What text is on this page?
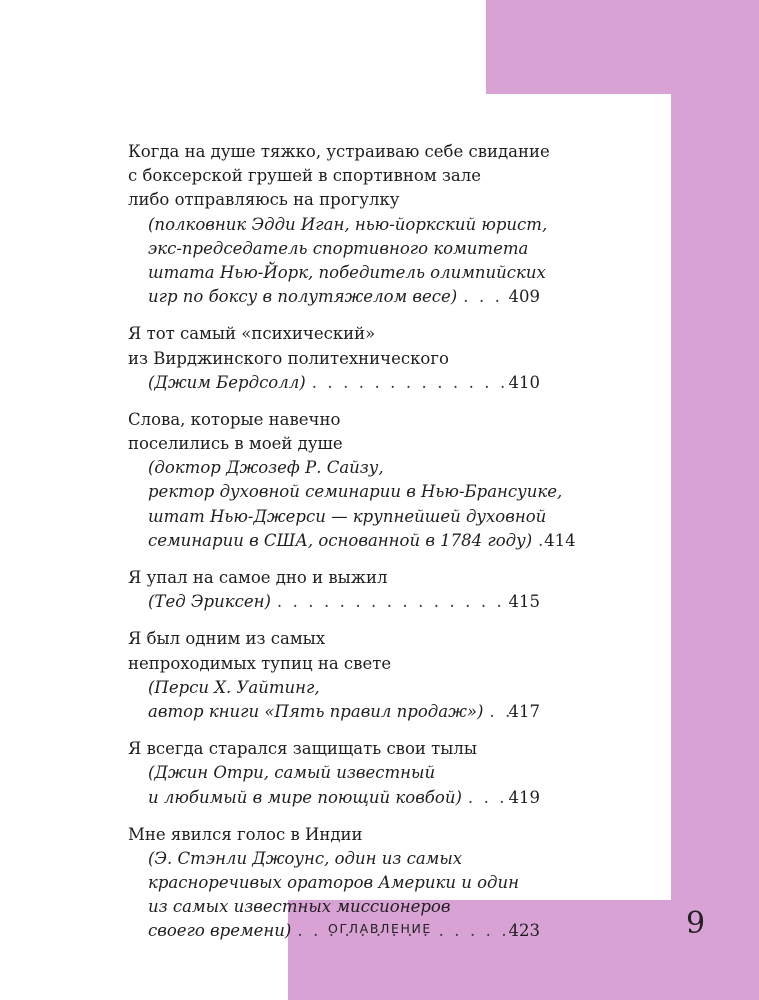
Когда на душе тяжко, устраиваю себе свидание
с боксерской грушей в спортивном зале
либо отправляюсь на прогулку
(полковник Эдди Иган, нью-йоркский юрист,
экс-председатель спортивного комитета
штата Нью-Йорк, победитель олимпийских
игр по боксу в полутяжелом весе) . . .	409
Я тот самый «психический»
из Вирджинского политехнического
(Джим Бердсолл) . . .	410
Слова, которые навечно
поселились в моей душе
(доктор Джозеф Р. Сайзу,
ректор духовной семинарии в Нью-Брансуике,
штат Нью-Джерси — крупнейшей духовной
семинарии в США, основанной в 1784 году) . . . 414
Я упал на самое дно и выжил
(Тед Эриксен) . . .	415
Я был одним из самых
непроходимых тупиц на свете
(Перси Х. Уайтинг,
автор книги «Пять правил продаж») . . . 417
Я всегда старался защищать свои тылы
(Джин Отри, самый известный
и любимый в мире поющий ковбой) . . .	419
Мне явился голос в Индии
(Э. Стэнли Джоунс, один из самых
красноречивых ораторов Америки и один
из самых известных миссионеров
своего времени) . . .	423
ОГЛАВЛЕНИЕ	9
